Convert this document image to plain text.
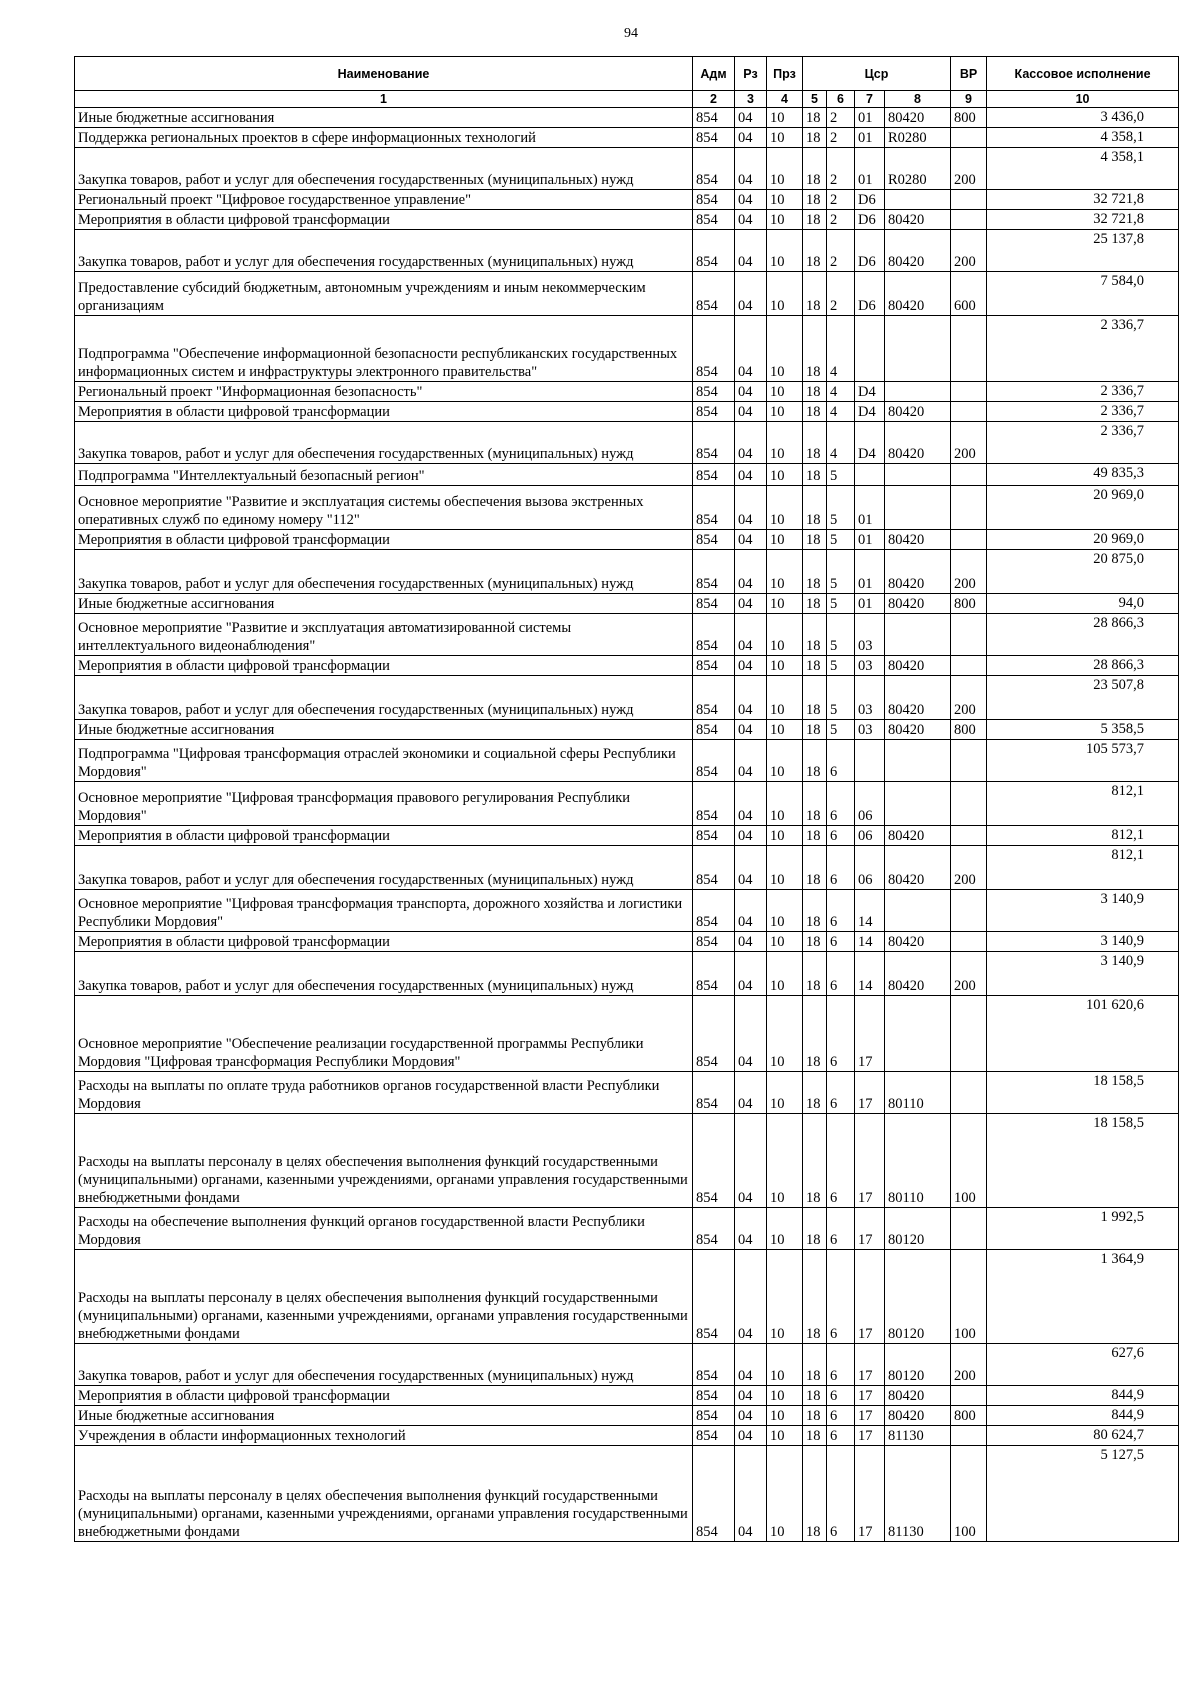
94
Наименование	Адм	Рз	Прз	Цср				ВР	Кассовое исполнение
1	2	3	4	5	6	7	8	9	10
Иные бюджетные ассигнования	854	04	10	18	2	01	80420	800	3 436,0
Поддержка региональных проектов в сфере информационных технологий	854	04	10	18	2	01	R0280		4 358,1
Закупка товаров, работ и услуг для обеспечения государственных (муниципальных) нужд	854	04	10	18	2	01	R0280	200	4 358,1
Региональный проект "Цифровое государственное управление"	854	04	10	18	2	D6			32 721,8
Мероприятия в области цифровой трансформации	854	04	10	18	2	D6	80420		32 721,8
Закупка товаров, работ и услуг для обеспечения государственных (муниципальных) нужд	854	04	10	18	2	D6	80420	200	25 137,8
Предоставление субсидий бюджетным, автономным учреждениям и иным некоммерческим организациям	854	04	10	18	2	D6	80420	600	7 584,0
Подпрограмма "Обеспечение информационной безопасности республиканских государственных информационных систем и инфраструктуры электронного правительства"	854	04	10	18	4				2 336,7
Региональный проект "Информационная безопасность"	854	04	10	18	4	D4			2 336,7
Мероприятия в области цифровой трансформации	854	04	10	18	4	D4	80420		2 336,7
Закупка товаров, работ и услуг для обеспечения государственных (муниципальных) нужд	854	04	10	18	4	D4	80420	200	2 336,7
Подпрограмма "Интеллектуальный безопасный регион"	854	04	10	18	5				49 835,3
Основное мероприятие "Развитие и эксплуатация системы обеспечения вызова экстренных оперативных служб по единому номеру "112"	854	04	10	18	5	01			20 969,0
Мероприятия в области цифровой трансформации	854	04	10	18	5	01	80420		20 969,0
Закупка товаров, работ и услуг для обеспечения государственных (муниципальных) нужд	854	04	10	18	5	01	80420	200	20 875,0
Иные бюджетные ассигнования	854	04	10	18	5	01	80420	800	94,0
Основное мероприятие "Развитие и эксплуатация автоматизированной системы интеллектуального видеонаблюдения"	854	04	10	18	5	03			28 866,3
Мероприятия в области цифровой трансформации	854	04	10	18	5	03	80420		28 866,3
Закупка товаров, работ и услуг для обеспечения государственных (муниципальных) нужд	854	04	10	18	5	03	80420	200	23 507,8
Иные бюджетные ассигнования	854	04	10	18	5	03	80420	800	5 358,5
Подпрограмма "Цифровая трансформация отраслей экономики и социальной сферы Республики Мордовия"	854	04	10	18	6				105 573,7
Основное мероприятие "Цифровая трансформация правового регулирования Республики Мордовия"	854	04	10	18	6	06			812,1
Мероприятия в области цифровой трансформации	854	04	10	18	6	06	80420		812,1
Закупка товаров, работ и услуг для обеспечения государственных (муниципальных) нужд	854	04	10	18	6	06	80420	200	812,1
Основное мероприятие "Цифровая трансформация транспорта, дорожного хозяйства и логистики Республики Мордовия"	854	04	10	18	6	14			3 140,9
Мероприятия в области цифровой трансформации	854	04	10	18	6	14	80420		3 140,9
Закупка товаров, работ и услуг для обеспечения государственных (муниципальных) нужд	854	04	10	18	6	14	80420	200	3 140,9
Основное мероприятие "Обеспечение реализации государственной программы Республики Мордовия "Цифровая трансформация Республики Мордовия"	854	04	10	18	6	17			101 620,6
Расходы на выплаты по оплате труда работников органов государственной власти Республики Мордовия	854	04	10	18	6	17	80110		18 158,5
Расходы на выплаты персоналу в целях обеспечения выполнения функций государственными (муниципальными) органами, казенными учреждениями, органами управления государственными внебюджетными фондами	854	04	10	18	6	17	80110	100	18 158,5
Расходы на обеспечение выполнения функций органов государственной власти Республики Мордовия	854	04	10	18	6	17	80120		1 992,5
Расходы на выплаты персоналу в целях обеспечения выполнения функций государственными (муниципальными) органами, казенными учреждениями, органами управления государственными внебюджетными фондами	854	04	10	18	6	17	80120	100	1 364,9
Закупка товаров, работ и услуг для обеспечения государственных (муниципальных) нужд	854	04	10	18	6	17	80120	200	627,6
Мероприятия в области цифровой трансформации	854	04	10	18	6	17	80420		844,9
Иные бюджетные ассигнования	854	04	10	18	6	17	80420	800	844,9
Учреждения в области информационных технологий	854	04	10	18	6	17	81130		80 624,7
Расходы на выплаты персоналу в целях обеспечения выполнения функций государственными (муниципальными) органами, казенными учреждениями, органами управления государственными внебюджетными фондами	854	04	10	18	6	17	81130	100	5 127,5
